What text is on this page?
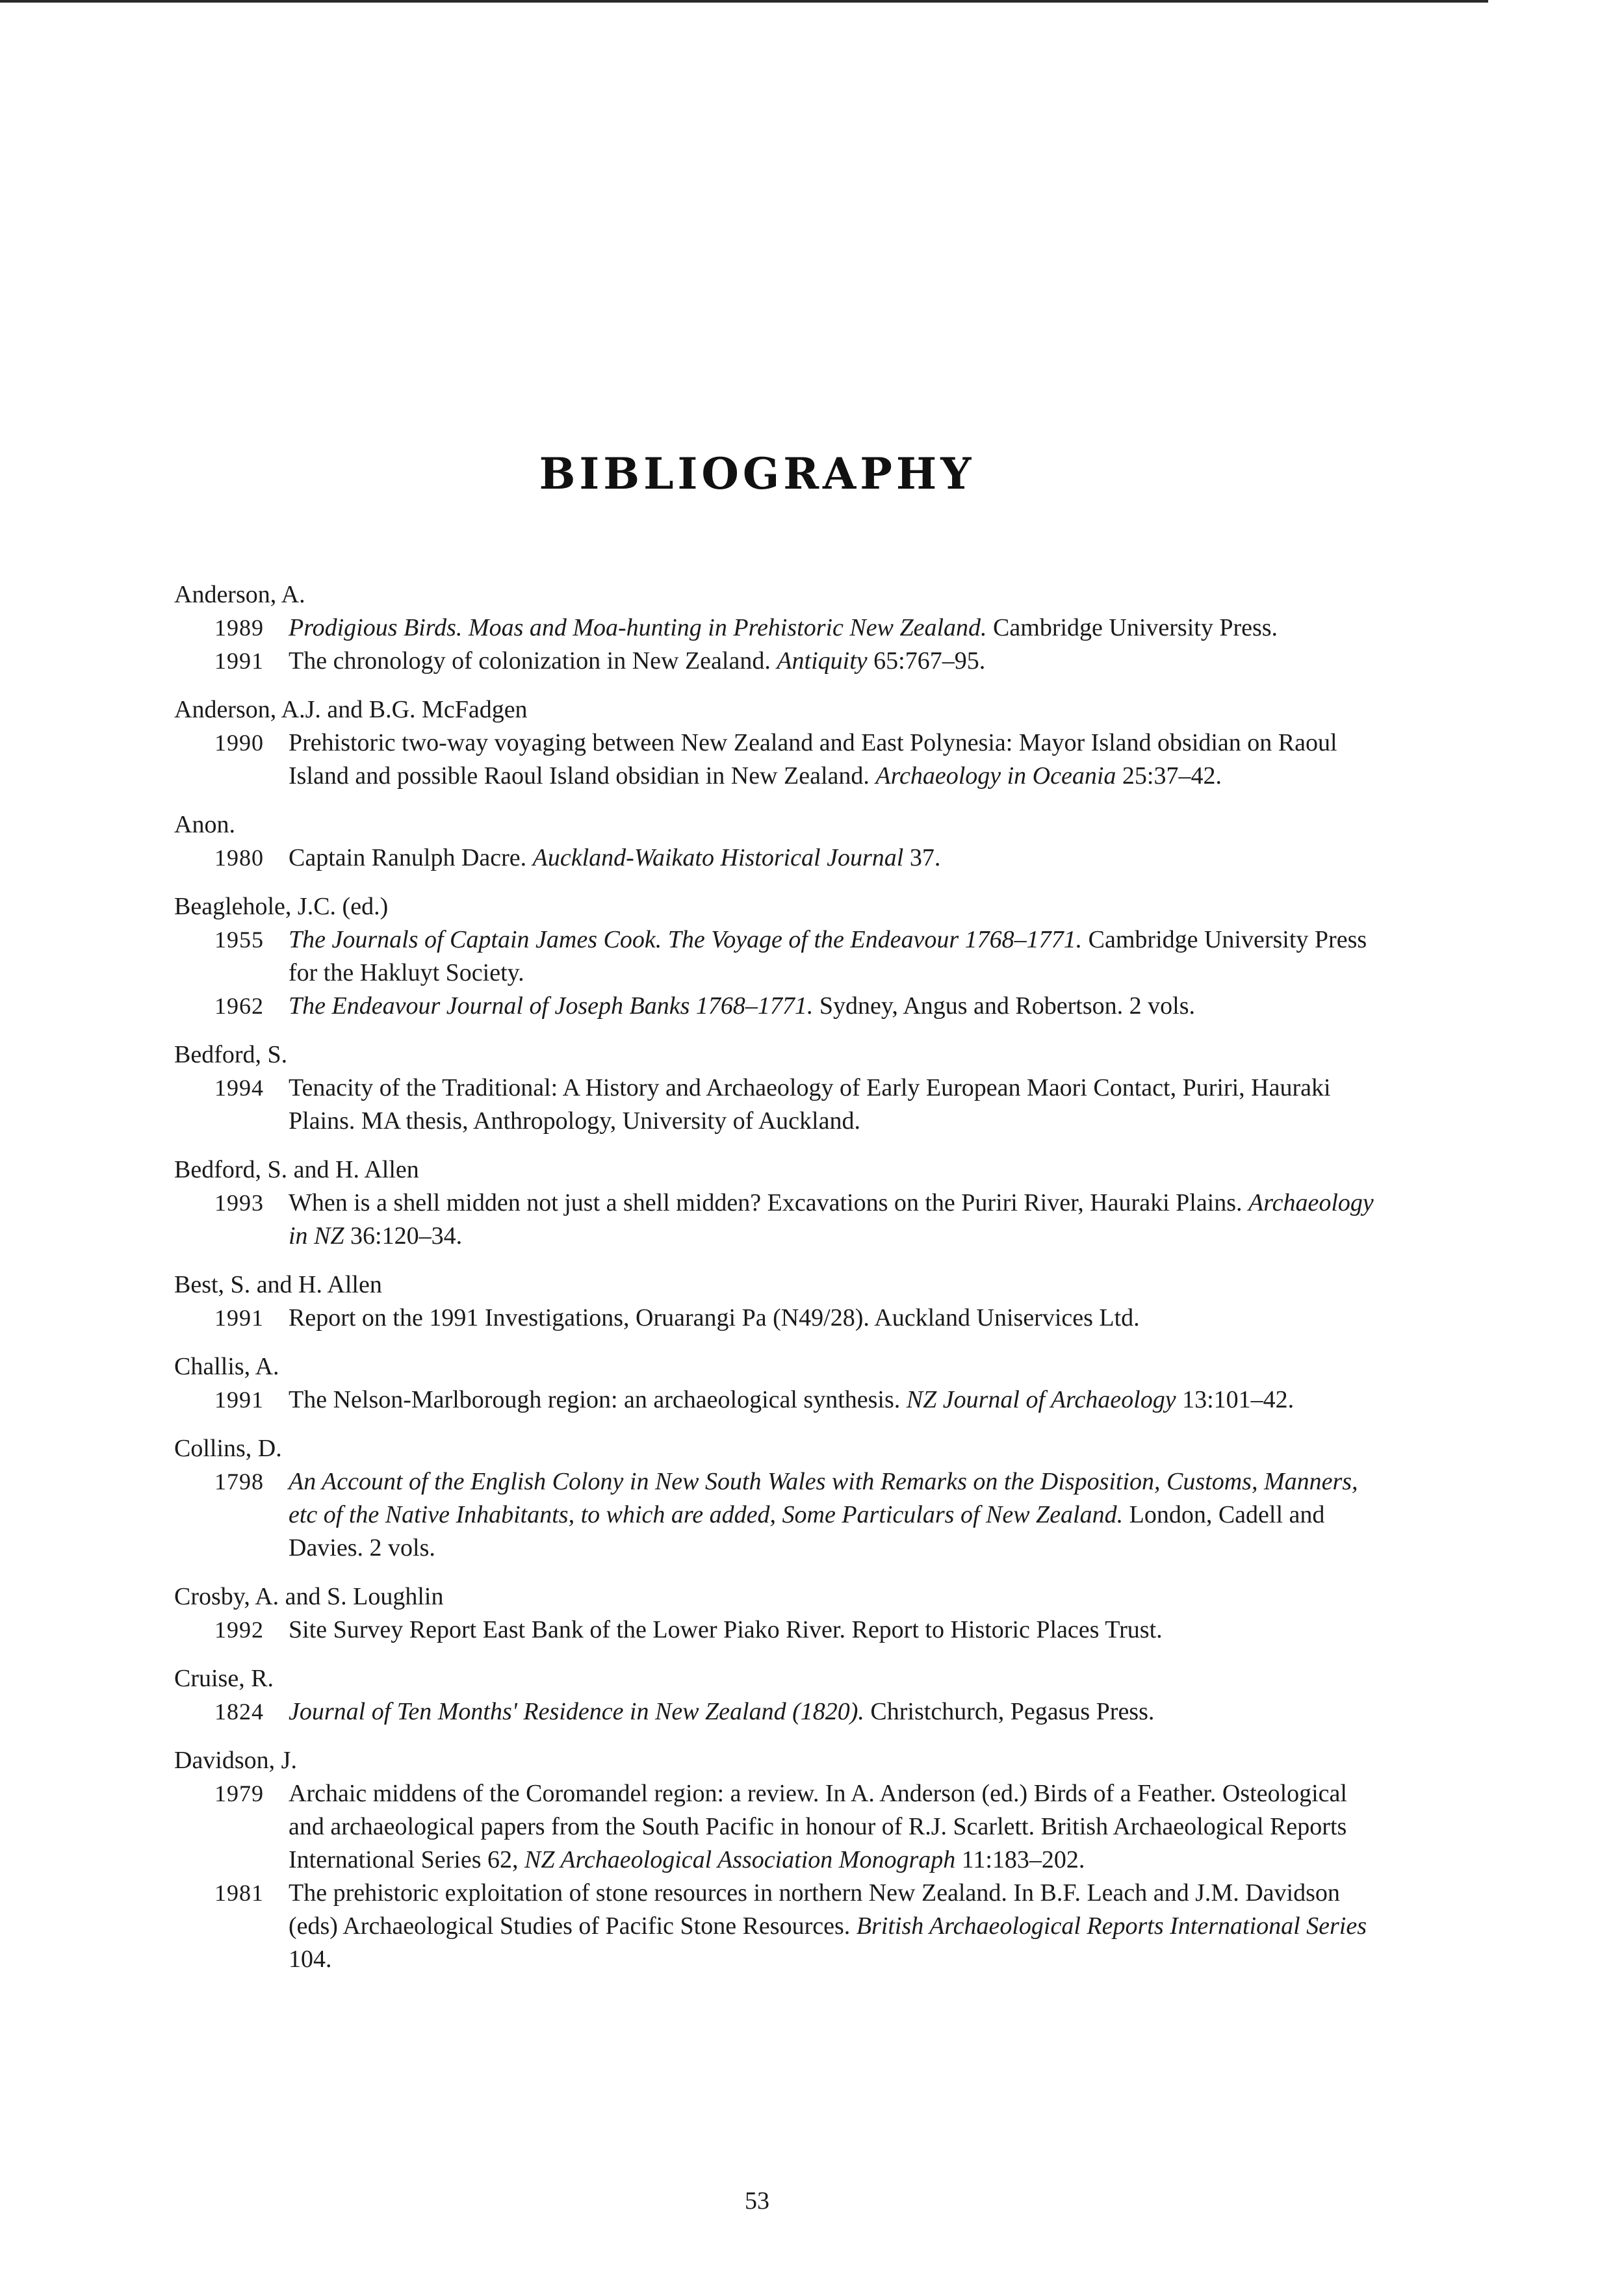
BIBLIOGRAPHY

Anderson, A.

1989 Prodigious Birds. Moas and Moa-hunting in Prehistoric New Zealand. Cambridge University Press.
1991 The chronology of colonization in New Zealand. Antiquity 65:767–95.

Anderson, A.J. and B.G. McFadgen

1990 Prehistoric two-way voyaging between New Zealand and East Polynesia: Mayor Island obsidian on Raoul Island and possible Raoul Island obsidian in New Zealand. Archaeology in Oceania 25:37–42.

Anon.

1980 Captain Ranulph Dacre. Auckland-Waikato Historical Journal 37.

Beaglehole, J.C. (ed.)

1955 The Journals of Captain James Cook. The Voyage of the Endeavour 1768–1771. Cambridge University Press for the Hakluyt Society.
1962 The Endeavour Journal of Joseph Banks 1768–1771. Sydney, Angus and Robertson. 2 vols.

Bedford, S.

1994 Tenacity of the Traditional: A History and Archaeology of Early European Maori Contact, Puriri, Hauraki Plains. MA thesis, Anthropology, University of Auckland.

Bedford, S. and H. Allen

1993 When is a shell midden not just a shell midden? Excavations on the Puriri River, Hauraki Plains. Archaeology in NZ 36:120–34.

Best, S. and H. Allen

1991 Report on the 1991 Investigations, Oruarangi Pa (N49/28). Auckland Uniservices Ltd.

Challis, A.

1991 The Nelson-Marlborough region: an archaeological synthesis. NZ Journal of Archaeology 13:101–42.

Collins, D.

1798 An Account of the English Colony in New South Wales with Remarks on the Disposition, Customs, Manners, etc of the Native Inhabitants, to which are added, Some Particulars of New Zealand. London, Cadell and Davies. 2 vols.

Crosby, A. and S. Loughlin

1992 Site Survey Report East Bank of the Lower Piako River. Report to Historic Places Trust.

Cruise, R.

1824 Journal of Ten Months' Residence in New Zealand (1820). Christchurch, Pegasus Press.

Davidson, J.

1979 Archaic middens of the Coromandel region: a review. In A. Anderson (ed.) Birds of a Feather. Osteological and archaeological papers from the South Pacific in honour of R.J. Scarlett. British Archaeological Reports International Series 62, NZ Archaeological Association Monograph 11:183–202.
1981 The prehistoric exploitation of stone resources in northern New Zealand. In B.F. Leach and J.M. Davidson (eds) Archaeological Studies of Pacific Stone Resources. British Archaeological Reports International Series 104.

53
